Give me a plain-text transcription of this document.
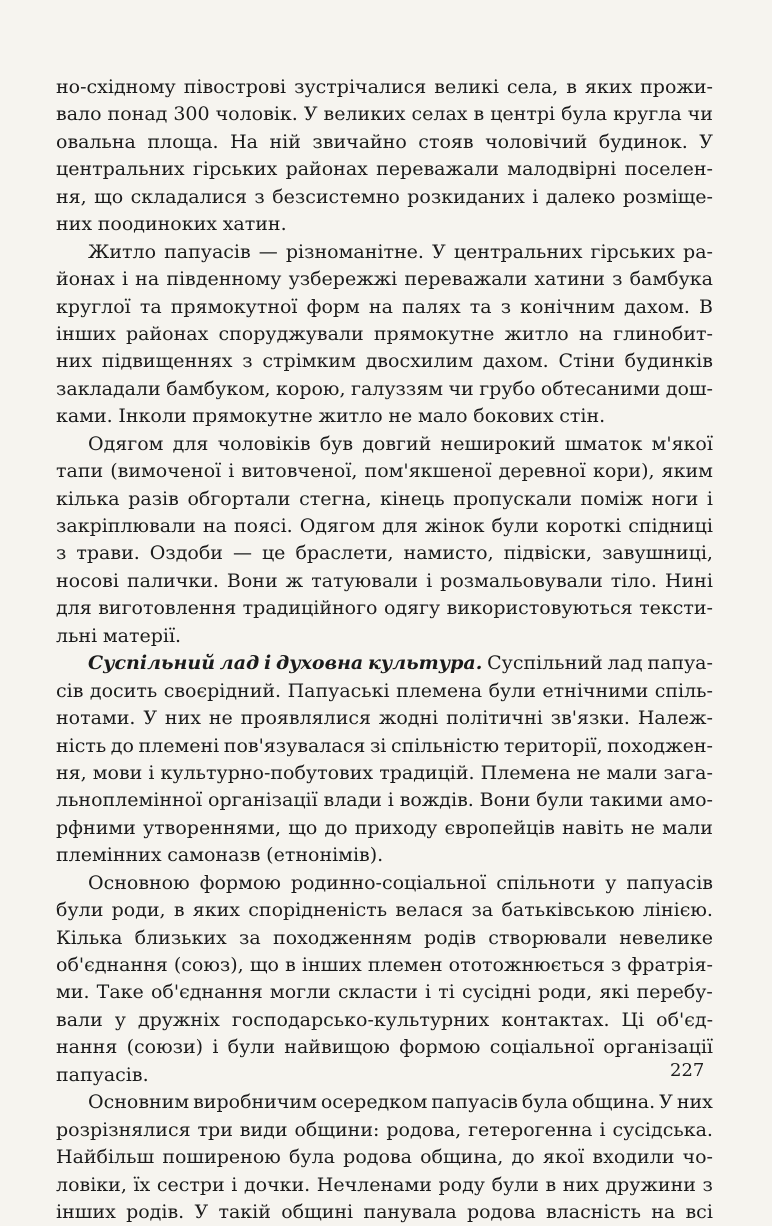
но-східному півострові зустрічалися великі села, в яких прожи-
вало понад 300 чоловік. У великих селах в центрі була кругла чи
овальна площа. На ній звичайно стояв чоловічий будинок. У
центральних гірських районах переважали малодвірні поселен-
ня, що складалися з безсистемно розкиданих і далеко розміще-
них поодиноких хатин.
Житло папуасів — різноманітне. У центральних гірських ра-
йонах і на південному узбережжі переважали хатини з бамбука
круглої та прямокутної форм на палях та з конічним дахом. В
інших районах споруджували прямокутне житло на глинобит-
них підвищеннях з стрімким двосхилим дахом. Стіни будинків
закладали бамбуком, корою, галуззям чи грубо обтесаними дош-
ками. Інколи прямокутне житло не мало бокових стін.
Одягом для чоловіків був довгий неширокий шматок м'якої
тапи (вимоченої і витовченої, пом'якшеної деревної кори), яким
кілька разів обгортали стегна, кінець пропускали поміж ноги і
закріплювали на поясі. Одягом для жінок були короткі спідниці
з трави. Оздоби — це браслети, намисто, підвіски, завушниці,
носові палички. Вони ж татуювали і розмальовували тіло. Нині
для виготовлення традиційного одягу використовуються тексти-
льні матерії.
Суспільний лад і духовна культура. Суспільний лад папуа-
сів досить своєрідний. Папуаські племена були етнічними спіль-
нотами. У них не проявлялися жодні політичні зв'язки. Належ-
ність до племені пов'язувалася зі спільністю території, походжен-
ня, мови і культурно-побутових традицій. Племена не мали зага-
льноплемінної організації влади і вождів. Вони були такими амо-
рфними утвореннями, що до приходу європейців навіть не мали
племінних самоназв (етнонімів).
Основною формою родинно-соціальної спільноти у папуасів
були роди, в яких спорідненість велася за батьківською лінією.
Кілька близьких за походженням родів створювали невелике
об'єднання (союз), що в інших племен ототожнюється з фратрія-
ми. Таке об'єднання могли скласти і ті сусідні роди, які перебу-
вали у дружніх господарсько-культурних контактах. Ці об'єд-
нання (союзи) і були найвищою формою соціальної організації
папуасів.
Основним виробничим осередком папуасів була община. У них
розрізнялися три види общини: родова, гетерогенна і сусідська.
Найбільш поширеною була родова община, до якої входили чо-
ловіки, їх сестри і дочки. Нечленами роду були в них дружини з
інших родів. У такій общині панувала родова власність на всі
227
